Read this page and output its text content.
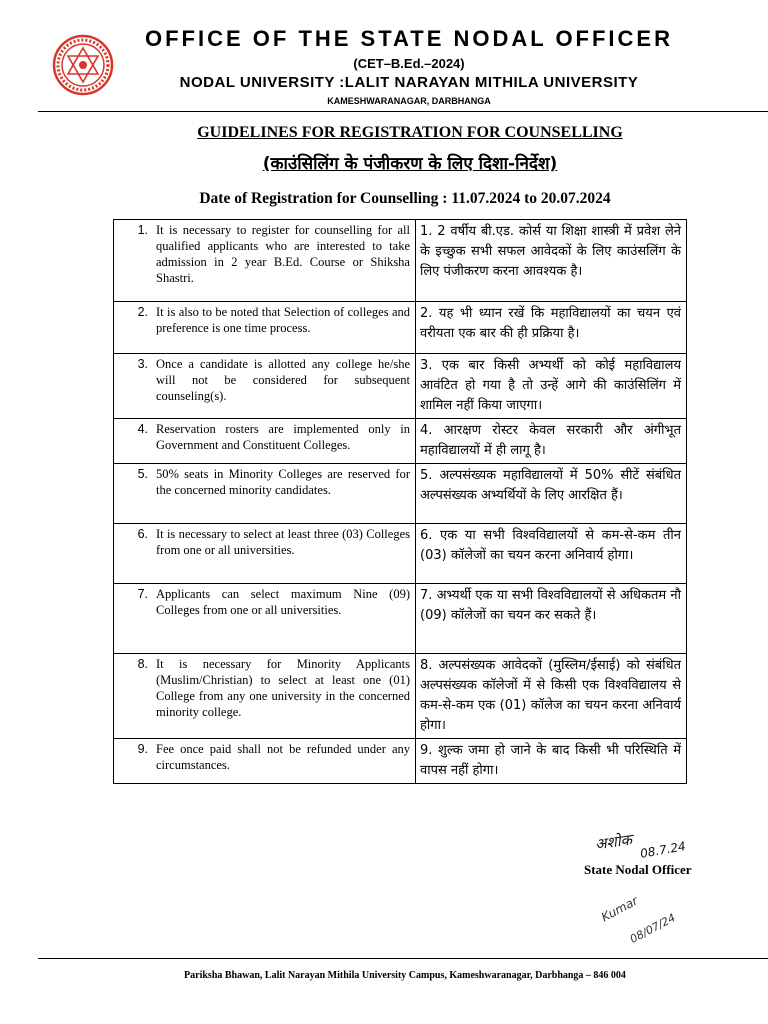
OFFICE OF THE STATE NODAL OFFICER
(CET–B.Ed.–2024)
NODAL UNIVERSITY :LALIT NARAYAN MITHILA UNIVERSITY
KAMESHWARANAGAR, DARBHANGA
GUIDELINES FOR REGISTRATION FOR COUNSELLING
(काउंसिलिंग के पंजीकरण के लिए दिशा-निर्देश)
Date of Registration for Counselling : 11.07.2024 to 20.07.2024
1. It is necessary to register for counselling for all qualified applicants who are interested to take admission in 2 year B.Ed. Course or Shiksha Shastri.	1. 2 वर्षीय बी.एड. कोर्स या शिक्षा शास्त्री में प्रवेश लेने के इच्छुक सभी सफल आवेदकों के लिए काउंसलिंग के लिए पंजीकरण करना आवश्यक है।

2. It is also to be noted that Selection of colleges and preference is one time process.	2. यह भी ध्यान रखें कि महाविद्यालयों का चयन एवं वरीयता एक बार की ही प्रक्रिया है।

3. Once a candidate is allotted any college he/she will not be considered for subsequent counseling(s).	3. एक बार किसी अभ्यर्थी को कोई महाविद्यालय आवंटित हो गया है तो उन्हें आगे की काउंसिलिंग में शामिल नहीं किया जाएगा।

4. Reservation rosters are implemented only in Government and Constituent Colleges.	4. आरक्षण रोस्टर केवल सरकारी और अंगीभूत महाविद्यालयों में ही लागू है।

5. 50% seats in Minority Colleges are reserved for the concerned minority candidates.	5. अल्पसंख्यक महाविद्यालयों में 50% सीटें संबंधित अल्पसंख्यक अभ्यर्थियों के लिए आरक्षित हैं।

6. It is necessary to select at least three (03) Colleges from one or all universities.	6. एक या सभी विश्वविद्यालयों से कम-से-कम तीन (03) कॉलेजों का चयन करना अनिवार्य होगा।

7. Applicants can select maximum Nine (09) Colleges from one or all universities.	7. अभ्यर्थी एक या सभी विश्वविद्यालयों से अधिकतम नौ (09) कॉलेजों का चयन कर सकते हैं।

8. It is necessary for Minority Applicants (Muslim/Christian) to select at least one (01) College from any one university in the concerned minority college.	8. अल्पसंख्यक आवेदकों (मुस्लिम/ईसाई) को संबंधित अल्पसंख्यक कॉलेजों में से किसी एक विश्वविद्यालय से कम-से-कम एक (01) कॉलेज का चयन करना अनिवार्य होगा।

9. Fee once paid shall not be refunded under any circumstances.	9. शुल्क जमा हो जाने के बाद किसी भी परिस्थिति में वापस नहीं होगा।
अशोक 08.7.24
State Nodal Officer
Kumar
08/07/24
Pariksha Bhawan, Lalit Narayan Mithila University Campus, Kameshwaranagar, Darbhanga – 846 004
